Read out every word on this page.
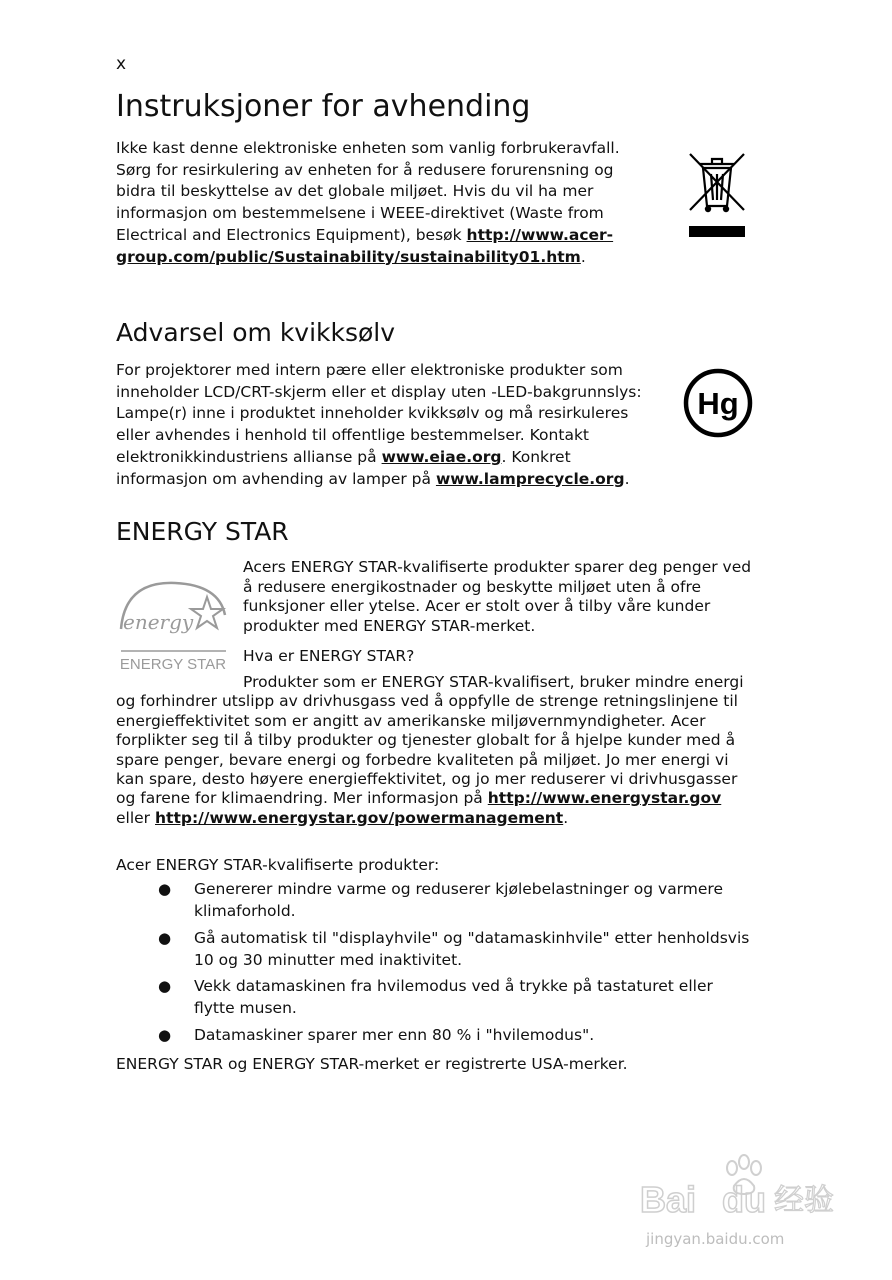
x
Instruksjoner for avhending

Ikke kast denne elektroniske enheten som vanlig forbrukeravfall. Sørg for resirkulering av enheten for å redusere forurensning og bidra til beskyttelse av det globale miljøet. Hvis du vil ha mer informasjon om bestemmelsene i WEEE-direktivet (Waste from Electrical and Electronics Equipment), besøk http://www.acer-group.com/public/Sustainability/sustainability01.htm.

Advarsel om kvikksølv

For projektorer med intern pære eller elektroniske produkter som inneholder LCD/CRT-skjerm eller et display uten -LED-bakgrunnslys: Lampe(r) inne i produktet inneholder kvikksølv og må resirkuleres eller avhendes i henhold til offentlige bestemmelser. Kontakt elektronikkindustriens allianse på www.eiae.org. Konkret informasjon om avhending av lamper på www.lamprecycle.org.

Hg
ENERGY STAR
energy
ENERGY STAR

Acers ENERGY STAR-kvalifiserte produkter sparer deg penger ved å redusere energikostnader og beskytte miljøet uten å ofre funksjoner eller ytelse. Acer er stolt over å tilby våre kunder produkter med ENERGY STAR-merket.

Hva er ENERGY STAR?

Produkter som er ENERGY STAR-kvalifisert, bruker mindre energi og forhindrer utslipp av drivhusgass ved å oppfylle de strenge retningslinjene til energieffektivitet som er angitt av amerikanske miljøvernmyndigheter. Acer forplikter seg til å tilby produkter og tjenester globalt for å hjelpe kunder med å spare penger, bevare energi og forbedre kvaliteten på miljøet. Jo mer energi vi kan spare, desto høyere energieffektivitet, og jo mer reduserer vi drivhusgasser og farene for klimaendring. Mer informasjon på http://www.energystar.gov eller http://www.energystar.gov/powermanagement.

Acer ENERGY STAR-kvalifiserte produkter:

● Genererer mindre varme og reduserer kjølebelastninger og varmere klimaforhold.
● Gå automatisk til "displayhvile" og "datamaskinhvile" etter henholdsvis 10 og 30 minutter med inaktivitet.
● Vekk datamaskinen fra hvilemodus ved å trykke på tastaturet eller flytte musen.
● Datamaskiner sparer mer enn 80 % i "hvilemodus".

ENERGY STAR og ENERGY STAR-merket er registrerte USA-merker.

Bai du 经验
jingyan.baidu.com
